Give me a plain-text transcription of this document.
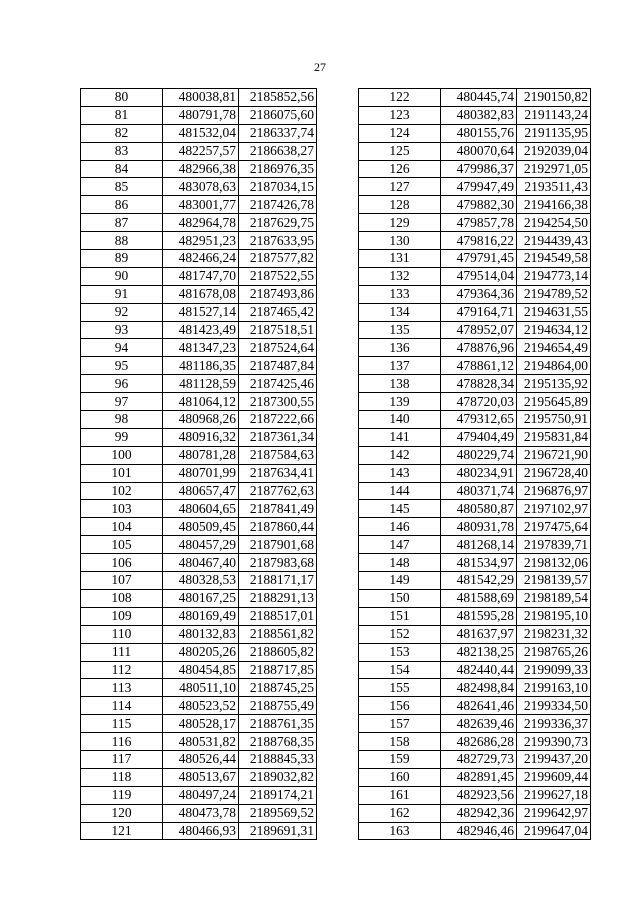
27
80	480038,81	2185852,56
81	480791,78	2186075,60
82	481532,04	2186337,74
83	482257,57	2186638,27
84	482966,38	2186976,35
85	483078,63	2187034,15
86	483001,77	2187426,78
87	482964,78	2187629,75
88	482951,23	2187633,95
89	482466,24	2187577,82
90	481747,70	2187522,55
91	481678,08	2187493,86
92	481527,14	2187465,42
93	481423,49	2187518,51
94	481347,23	2187524,64
95	481186,35	2187487,84
96	481128,59	2187425,46
97	481064,12	2187300,55
98	480968,26	2187222,66
99	480916,32	2187361,34
100	480781,28	2187584,63
101	480701,99	2187634,41
102	480657,47	2187762,63
103	480604,65	2187841,49
104	480509,45	2187860,44
105	480457,29	2187901,68
106	480467,40	2187983,68
107	480328,53	2188171,17
108	480167,25	2188291,13
109	480169,49	2188517,01
110	480132,83	2188561,82
111	480205,26	2188605,82
112	480454,85	2188717,85
113	480511,10	2188745,25
114	480523,52	2188755,49
115	480528,17	2188761,35
116	480531,82	2188768,35
117	480526,44	2188845,33
118	480513,67	2189032,82
119	480497,24	2189174,21
120	480473,78	2189569,52
121	480466,93	2189691,31
122	480445,74	2190150,82
123	480382,83	2191143,24
124	480155,76	2191135,95
125	480070,64	2192039,04
126	479986,37	2192971,05
127	479947,49	2193511,43
128	479882,30	2194166,38
129	479857,78	2194254,50
130	479816,22	2194439,43
131	479791,45	2194549,58
132	479514,04	2194773,14
133	479364,36	2194789,52
134	479164,71	2194631,55
135	478952,07	2194634,12
136	478876,96	2194654,49
137	478861,12	2194864,00
138	478828,34	2195135,92
139	478720,03	2195645,89
140	479312,65	2195750,91
141	479404,49	2195831,84
142	480229,74	2196721,90
143	480234,91	2196728,40
144	480371,74	2196876,97
145	480580,87	2197102,97
146	480931,78	2197475,64
147	481268,14	2197839,71
148	481534,97	2198132,06
149	481542,29	2198139,57
150	481588,69	2198189,54
151	481595,28	2198195,10
152	481637,97	2198231,32
153	482138,25	2198765,26
154	482440,44	2199099,33
155	482498,84	2199163,10
156	482641,46	2199334,50
157	482639,46	2199336,37
158	482686,28	2199390,73
159	482729,73	2199437,20
160	482891,45	2199609,44
161	482923,56	2199627,18
162	482942,36	2199642,97
163	482946,46	2199647,04
